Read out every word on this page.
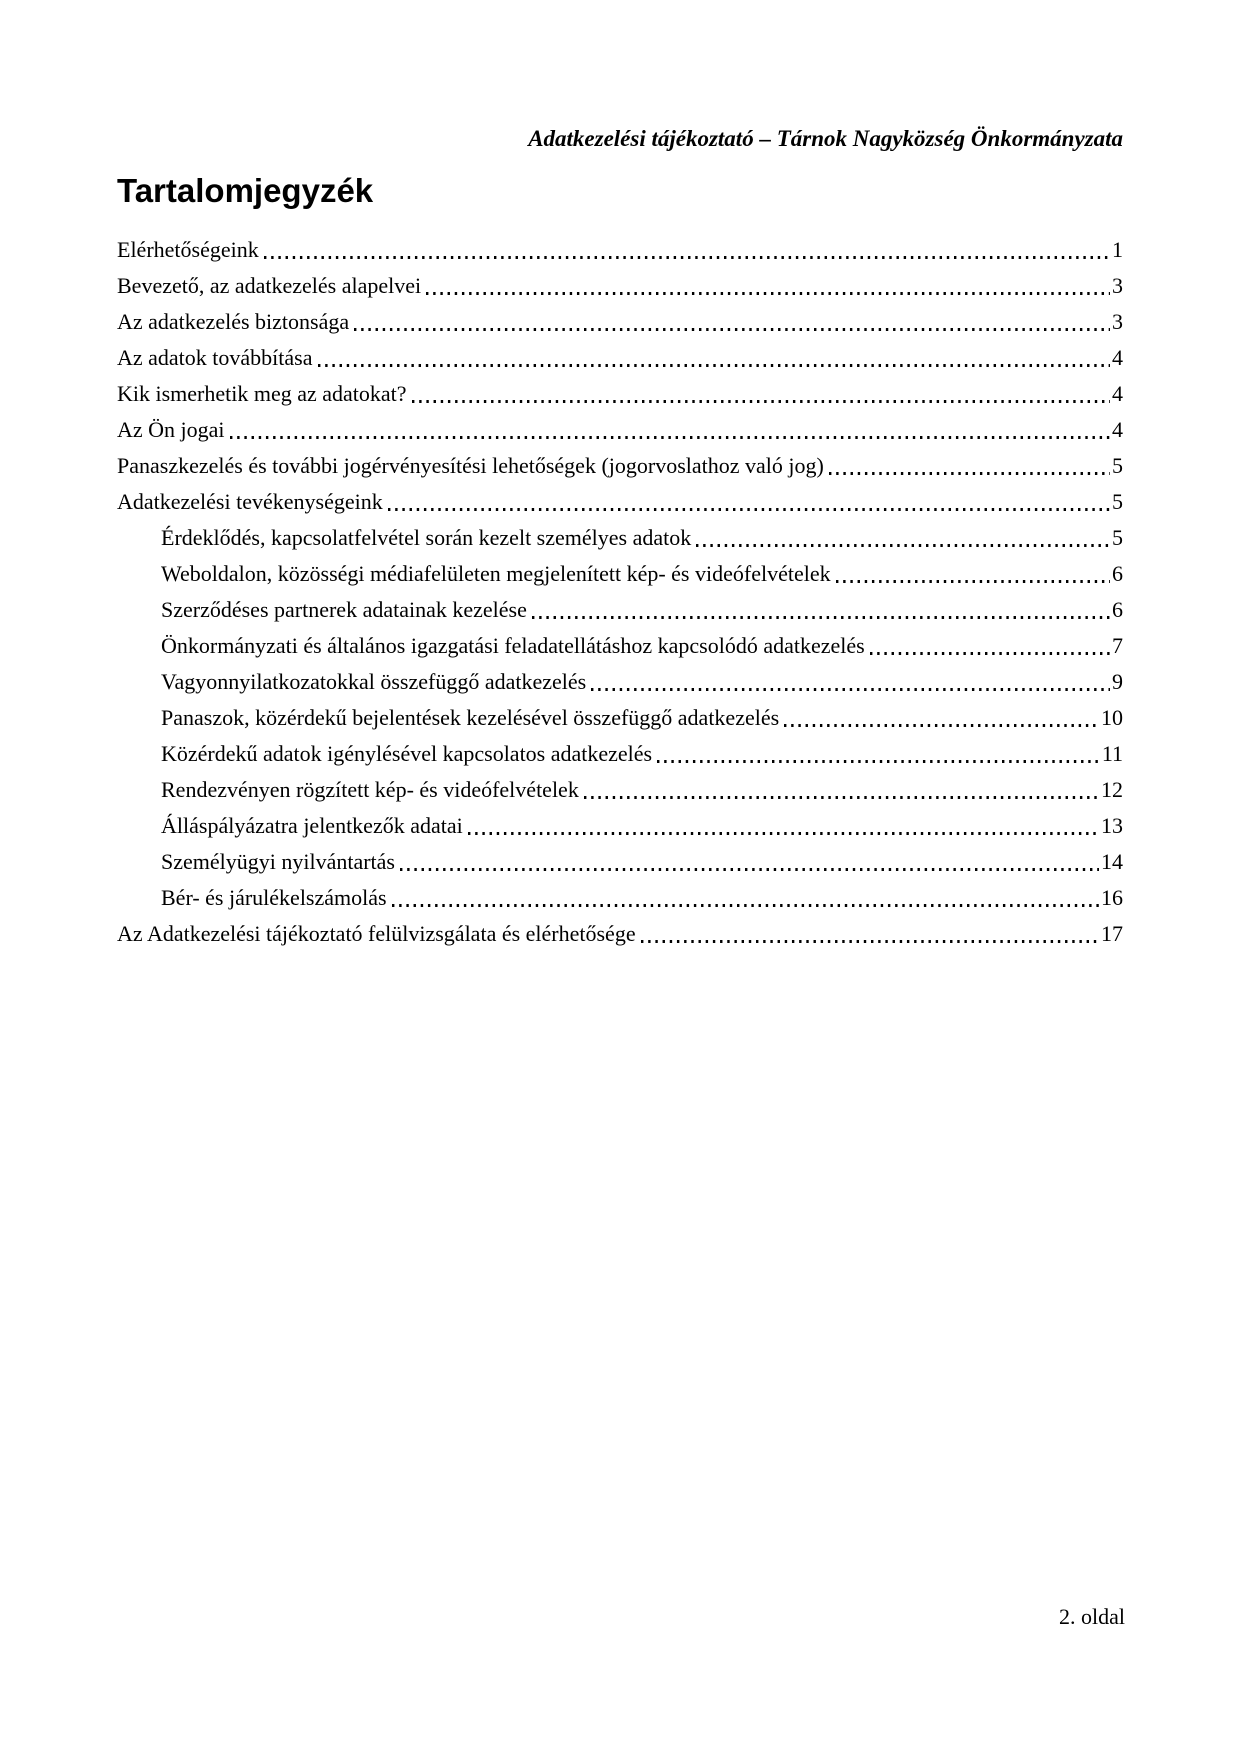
Adatkezelési tájékoztató – Tárnok Nagyközség Önkormányzata
Tartalomjegyzék
Elérhetőségeink	1
Bevezető, az adatkezelés alapelvei	3
Az adatkezelés biztonsága	3
Az adatok továbbítása	4
Kik ismerhetik meg az adatokat?	4
Az Ön jogai	4
Panaszkezelés és további jogérvényesítési lehetőségek (jogorvoslathoz való jog)	5
Adatkezelési tevékenységeink	5
Érdeklődés, kapcsolatfelvétel során kezelt személyes adatok	5
Weboldalon, közösségi médiafelületen megjelenített kép- és videófelvételek	6
Szerződéses partnerek adatainak kezelése	6
Önkormányzati és általános igazgatási feladatellátáshoz kapcsolódó adatkezelés	7
Vagyonnyilatkozatokkal összefüggő adatkezelés	9
Panaszok, közérdekű bejelentések kezelésével összefüggő adatkezelés	10
Közérdekű adatok igénylésével kapcsolatos adatkezelés	11
Rendezvényen rögzített kép- és videófelvételek	12
Álláspályázatra jelentkezők adatai	13
Személyügyi nyilvántartás	14
Bér- és járulékelszámolás	16
Az Adatkezelési tájékoztató felülvizsgálata és elérhetősége	17
2. oldal
